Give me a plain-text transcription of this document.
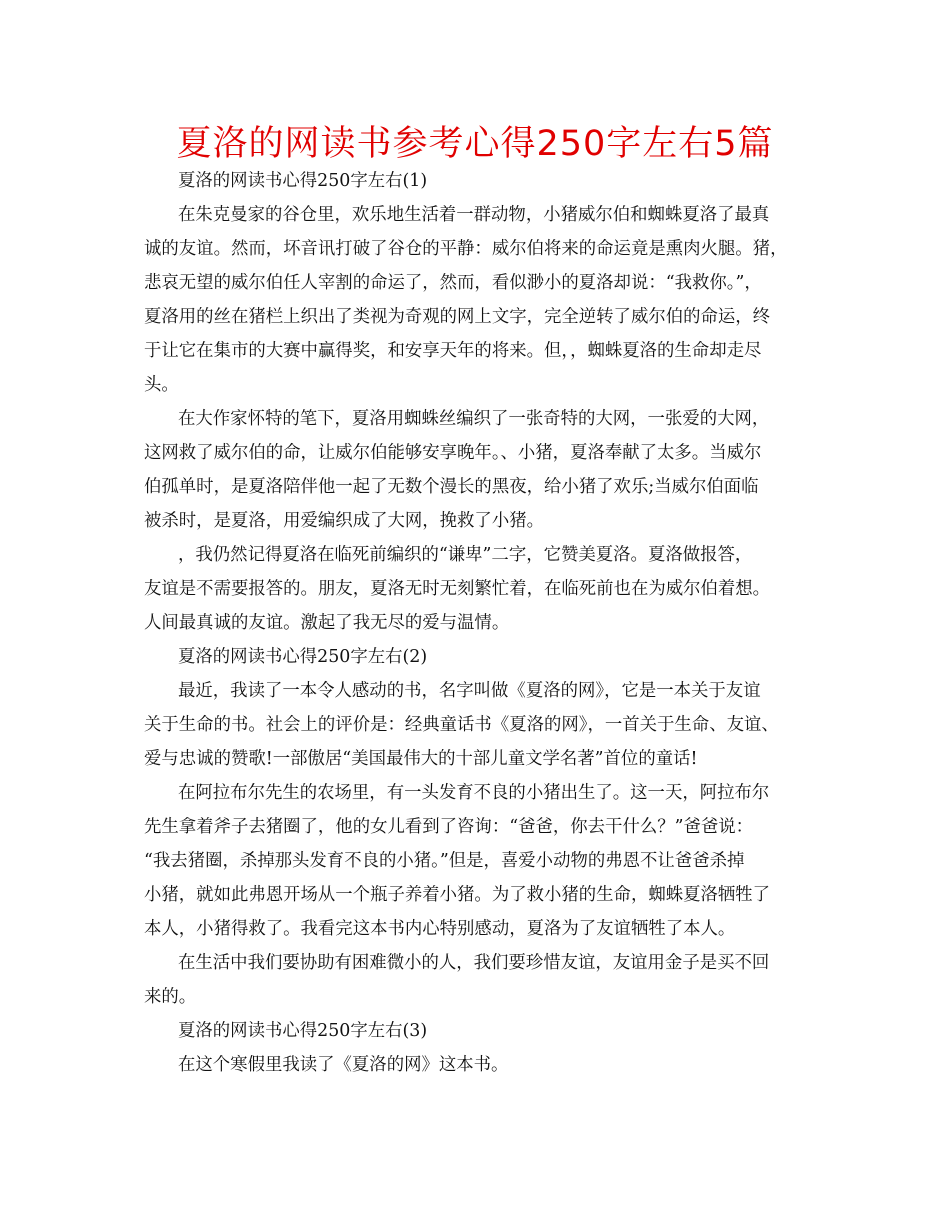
夏洛的网读书参考心得250字左右5篇
夏洛的网读书心得250字左右(1)
在朱克曼家的谷仓里，欢乐地生活着一群动物，小猪威尔伯和蜘蛛夏洛了最真
诚的友谊。然而，坏音讯打破了谷仓的平静：威尔伯将来的命运竟是熏肉火腿。猪，
悲哀无望的威尔伯任人宰割的命运了，然而，看似渺小的夏洛却说：“我救你。”，
夏洛用的丝在猪栏上织出了类视为奇观的网上文字，完全逆转了威尔伯的命运，终
于让它在集市的大赛中赢得奖，和安享天年的将来。但，，蜘蛛夏洛的生命却走尽
头。
在大作家怀特的笔下，夏洛用蜘蛛丝编织了一张奇特的大网，一张爱的大网，
这网救了威尔伯的命，让威尔伯能够安享晚年。、小猪，夏洛奉献了太多。当威尔
伯孤单时，是夏洛陪伴他一起了无数个漫长的黑夜，给小猪了欢乐;当威尔伯面临
被杀时，是夏洛，用爱编织成了大网，挽救了小猪。
，我仍然记得夏洛在临死前编织的“谦卑”二字，它赞美夏洛。夏洛做报答，
友谊是不需要报答的。朋友，夏洛无时无刻繁忙着，在临死前也在为威尔伯着想。
人间最真诚的友谊。激起了我无尽的爱与温情。
夏洛的网读书心得250字左右(2)
最近，我读了一本令人感动的书，名字叫做《夏洛的网》，它是一本关于友谊
关于生命的书。社会上的评价是：经典童话书《夏洛的网》，一首关于生命、友谊、
爱与忠诚的赞歌!一部傲居“美国最伟大的十部儿童文学名著”首位的童话!
在阿拉布尔先生的农场里，有一头发育不良的小猪出生了。这一天，阿拉布尔
先生拿着斧子去猪圈了，他的女儿看到了咨询：“爸爸，你去干什么？”爸爸说：
“我去猪圈，杀掉那头发育不良的小猪。”但是，喜爱小动物的弗恩不让爸爸杀掉
小猪，就如此弗恩开场从一个瓶子养着小猪。为了救小猪的生命，蜘蛛夏洛牺牲了
本人，小猪得救了。我看完这本书内心特别感动，夏洛为了友谊牺牲了本人。
在生活中我们要协助有困难微小的人，我们要珍惜友谊，友谊用金子是买不回
来的。
夏洛的网读书心得250字左右(3)
在这个寒假里我读了《夏洛的网》这本书。
